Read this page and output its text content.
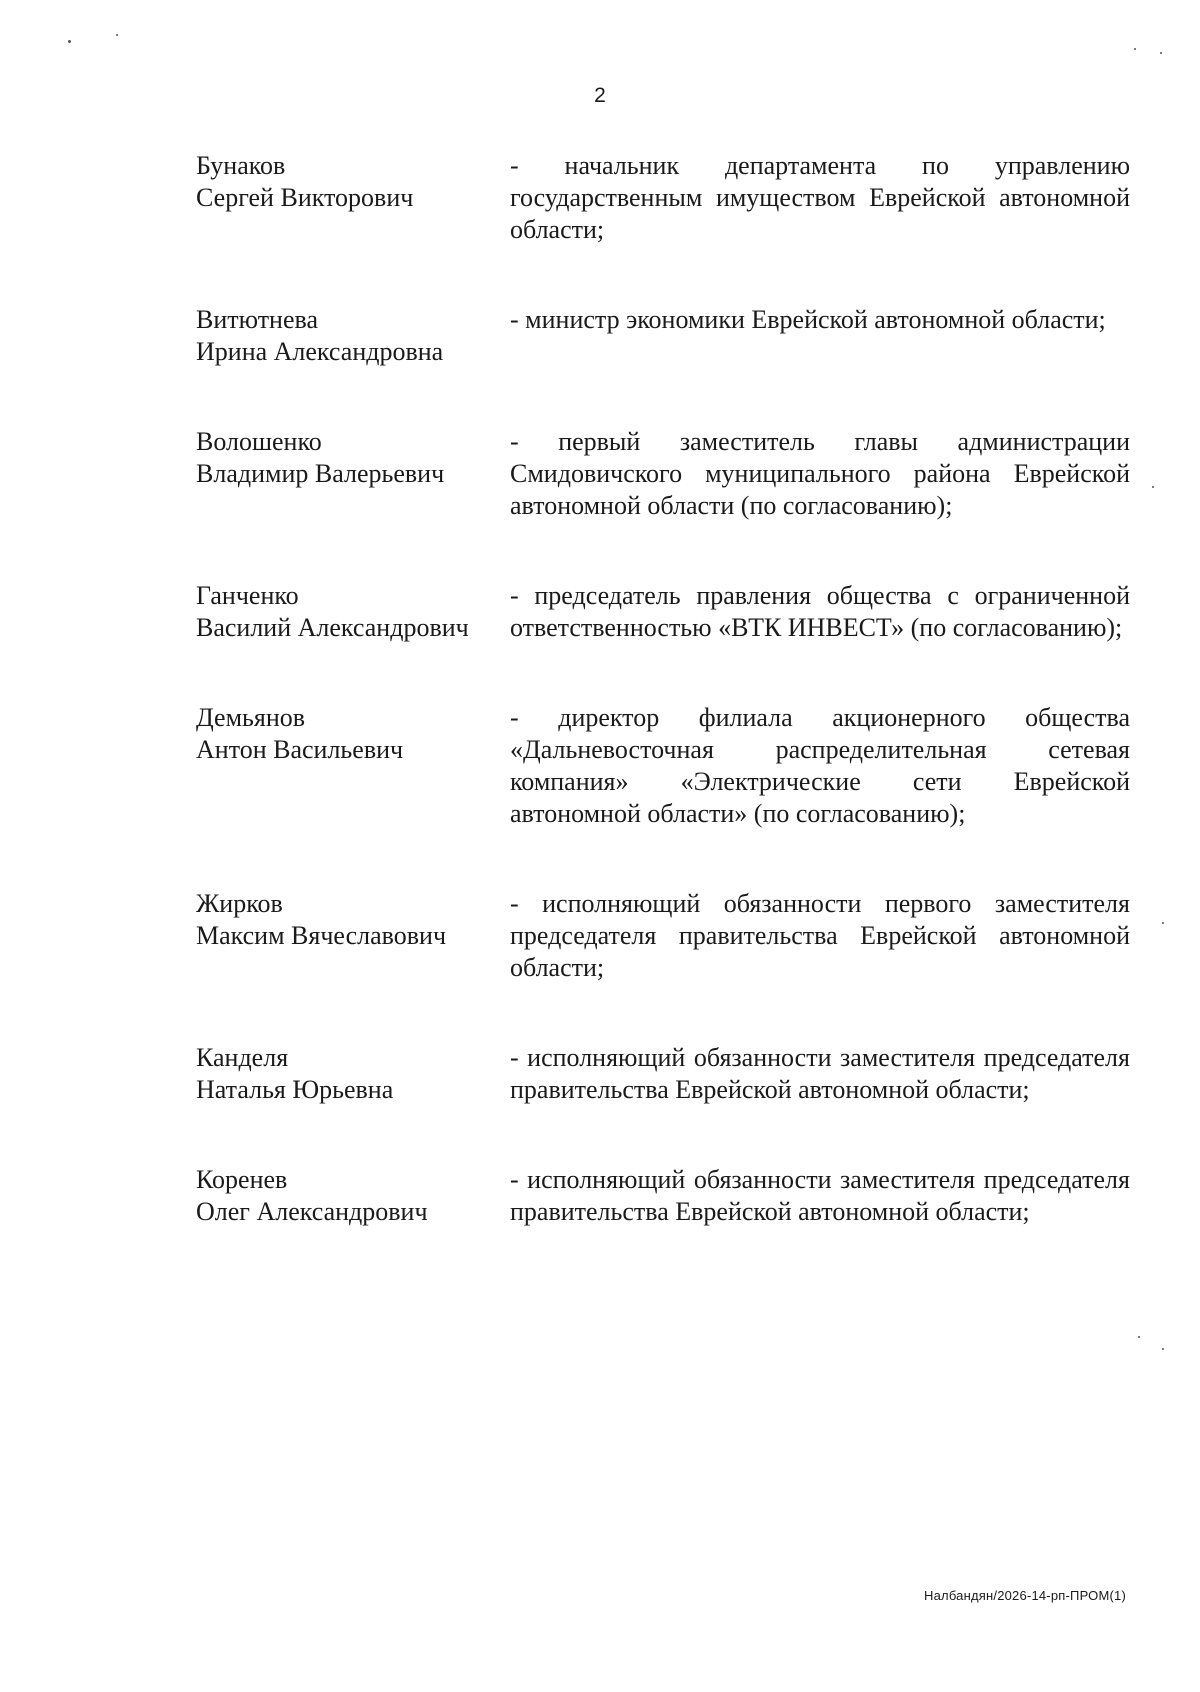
2
Бунаков
Сергей Викторович
- начальник департамента по управлению государственным имуществом Еврейской автономной области;
Витютнева
Ирина Александровна
- министр экономики Еврейской автономной области;
Волошенко
Владимир Валерьевич
- первый заместитель главы администрации Смидовичского муниципального района Еврейской автономной области (по согласованию);
Ганченко
Василий Александрович
- председатель правления общества с ограниченной ответственностью «ВТК ИНВЕСТ» (по согласованию);
Демьянов
Антон Васильевич
- директор филиала акционерного общества «Дальневосточная распределительная сетевая компания» «Электрические сети Еврейской автономной области» (по согласованию);
Жирков
Максим Вячеславович
- исполняющий обязанности первого заместителя председателя правительства Еврейской автономной области;
Канделя
Наталья Юрьевна
- исполняющий обязанности заместителя председателя правительства Еврейской автономной области;
Коренев
Олег Александрович
- исполняющий обязанности заместителя председателя правительства Еврейской автономной области;
Налбандян/2026-14-рп-ПРОМ(1)
